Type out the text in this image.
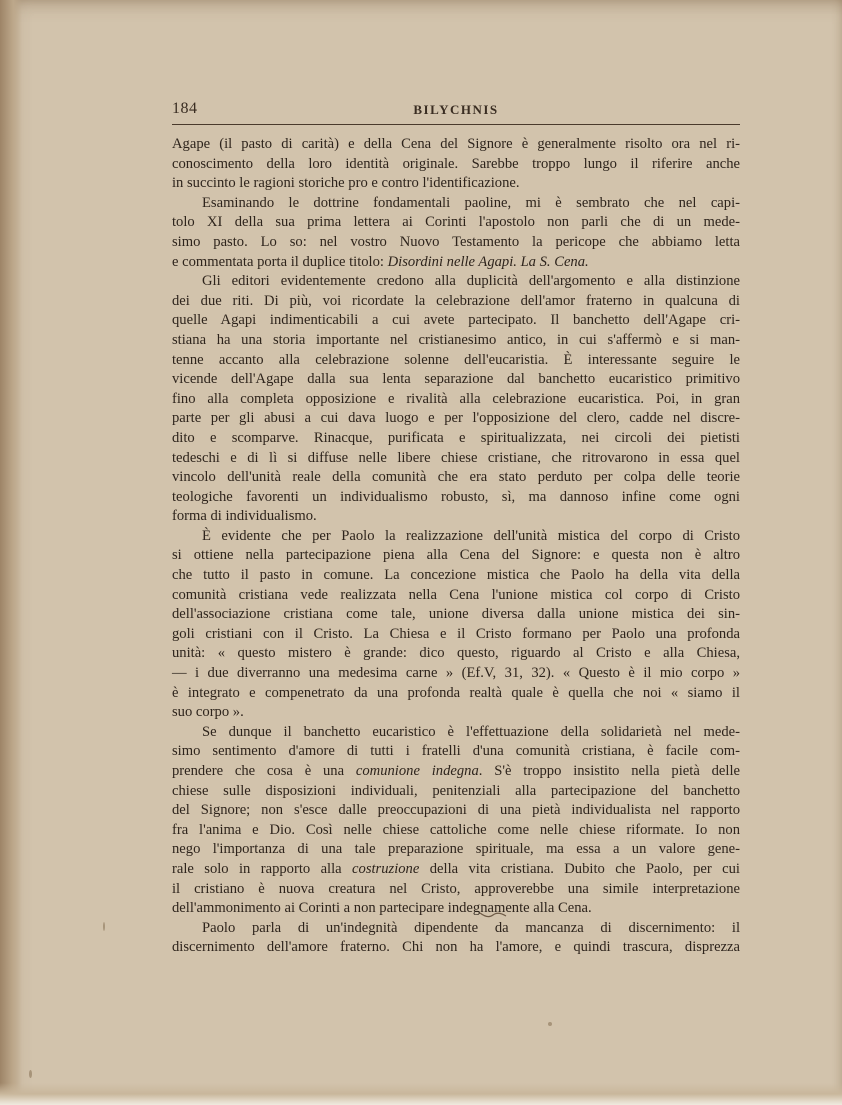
184	BILYCHNIS
Agape (il pasto di carità) e della Cena del Signore è generalmente risolto ora nel ri-
conoscimento della loro identità originale. Sarebbe troppo lungo il riferire anche
in succinto le ragioni storiche pro e contro l'identificazione.
Esaminando le dottrine fondamentali paoline, mi è sembrato che nel capi-
tolo XI della sua prima lettera ai Corinti l'apostolo non parli che di un mede-
simo pasto. Lo so: nel vostro Nuovo Testamento la pericope che abbiamo letta
e commentata porta il duplice titolo: Disordini nelle Agapi. La S. Cena.
Gli editori evidentemente credono alla duplicità dell'argomento e alla distinzione
dei due riti. Di più, voi ricordate la celebrazione dell'amor fraterno in qualcuna di
quelle Agapi indimenticabili a cui avete partecipato. Il banchetto dell'Agape cri-
stiana ha una storia importante nel cristianesimo antico, in cui s'affermò e si man-
tenne accanto alla celebrazione solenne dell'eucaristia. È interessante seguire le
vicende dell'Agape dalla sua lenta separazione dal banchetto eucaristico primitivo
fino alla completa opposizione e rivalità alla celebrazione eucaristica. Poi, in gran
parte per gli abusi a cui dava luogo e per l'opposizione del clero, cadde nel discre-
dito e scomparve. Rinacque, purificata e spiritualizzata, nei circoli dei pietisti
tedeschi e di lì si diffuse nelle libere chiese cristiane, che ritrovarono in essa quel
vincolo dell'unità reale della comunità che era stato perduto per colpa delle teorie
teologiche favorenti un individualismo robusto, sì, ma dannoso infine come ogni
forma di individualismo.
È evidente che per Paolo la realizzazione dell'unità mistica del corpo di Cristo
si ottiene nella partecipazione piena alla Cena del Signore: e questa non è altro
che tutto il pasto in comune. La concezione mistica che Paolo ha della vita della
comunità cristiana vede realizzata nella Cena l'unione mistica col corpo di Cristo
dell'associazione cristiana come tale, unione diversa dalla unione mistica dei sin-
goli cristiani con il Cristo. La Chiesa e il Cristo formano per Paolo una profonda
unità: « questo mistero è grande: dico questo, riguardo al Cristo e alla Chiesa,
— i due diverranno una medesima carne » (Ef.V, 31, 32). « Questo è il mio corpo »
è integrato e compenetrato da una profonda realtà quale è quella che noi « siamo il
suo corpo ».
Se dunque il banchetto eucaristico è l'effettuazione della solidarietà nel mede-
simo sentimento d'amore di tutti i fratelli d'una comunità cristiana, è facile com-
prendere che cosa è una comunione indegna. S'è troppo insistito nella pietà delle
chiese sulle disposizioni individuali, penitenziali alla partecipazione del banchetto
del Signore; non s'esce dalle preoccupazioni di una pietà individualista nel rapporto
fra l'anima e Dio. Così nelle chiese cattoliche come nelle chiese riformate. Io non
nego l'importanza di una tale preparazione spirituale, ma essa a un valore gene-
rale solo in rapporto alla costruzione della vita cristiana. Dubito che Paolo, per cui
il cristiano è nuova creatura nel Cristo, approverebbe una simile interpretazione
dell'ammonimento ai Corinti a non partecipare indegnamente alla Cena.
Paolo parla di un'indegnità dipendente da mancanza di discernimento: il
discernimento dell'amore fraterno. Chi non ha l'amore, e quindi trascura, disprezza
